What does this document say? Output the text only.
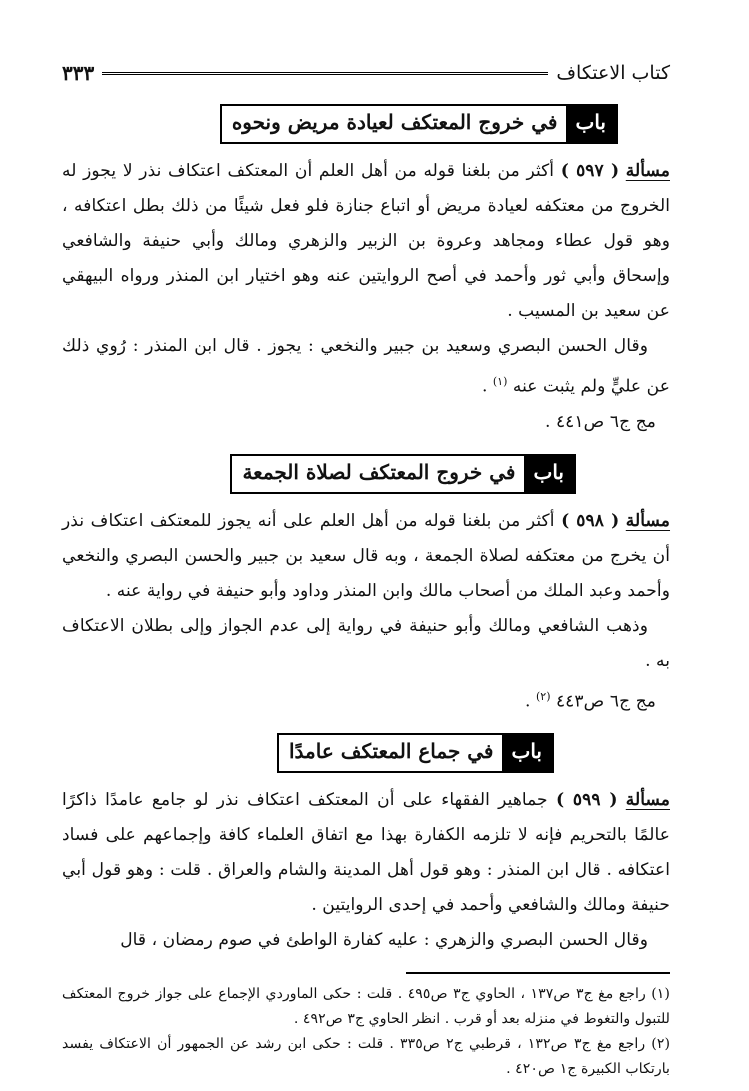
كتاب الاعتكاف
٣٣٣
باب
في خروج المعتكف لعيادة مريض ونحوه

مسألة ( ٥٩٧ ) أكثر من بلغنا قوله من أهل العلم أن المعتكف اعتكاف نذر لا يجوز له الخروج من معتكفه لعيادة مريض أو اتباع جنازة فلو فعل شيئًا من ذلك بطل اعتكافه ، وهو قول عطاء ومجاهد وعروة بن الزبير والزهري ومالك وأبي حنيفة والشافعي وإسحاق وأبي ثور وأحمد في أصح الروايتين عنه وهو اختيار ابن المنذر ورواه البيهقي عن سعيد بن المسيب .

وقال الحسن البصري وسعيد بن جبير والنخعي : يجوز . قال ابن المنذر : رُوي ذلك عن عليٍّ ولم يثبت عنه $^{(١)}$ .

مج ج٦ ص٤٤١ .

باب
في خروج المعتكف لصلاة الجمعة

مسألة ( ٥٩٨ ) أكثر من بلغنا قوله من أهل العلم على أنه يجوز للمعتكف اعتكاف نذر أن يخرج من معتكفه لصلاة الجمعة ، وبه قال سعيد بن جبير والحسن البصري والنخعي وأحمد وعبد الملك من أصحاب مالك وابن المنذر وداود وأبو حنيفة في رواية عنه .

وذهب الشافعي ومالك وأبو حنيفة في رواية إلى عدم الجواز وإلى بطلان الاعتكاف به .

مج ج٦ ص٤٤٣ $^{(٢)}$ .

باب
في جماع المعتكف عامدًا

مسألة ( ٥٩٩ ) جماهير الفقهاء على أن المعتكف اعتكاف نذر لو جامع عامدًا ذاكرًا عالمًا بالتحريم فإنه لا تلزمه الكفارة بهذا مع اتفاق العلماء كافة وإجماعهم على فساد اعتكافه . قال ابن المنذر : وهو قول أهل المدينة والشام والعراق . قلت : وهو قول أبي حنيفة ومالك والشافعي وأحمد في إحدى الروايتين .

وقال الحسن البصري والزهري : عليه كفارة الواطئ في صوم رمضان ، قال

(١) راجع مغ ج٣ ص١٣٧ ، الحاوي ج٣ ص٤٩٥ . قلت : حكى الماوردي الإجماع على جواز خروج المعتكف للتبول والتغوط في منزله بعد أو قرب . انظر الحاوي ج٣ ص٤٩٢ .

(٢) راجع مغ ج٣ ص١٣٢ ، قرطبي ج٢ ص٣٣٥ . قلت : حكى ابن رشد عن الجمهور أن الاعتكاف يفسد بارتكاب الكبيرة ج١ ص٤٢٠ .
